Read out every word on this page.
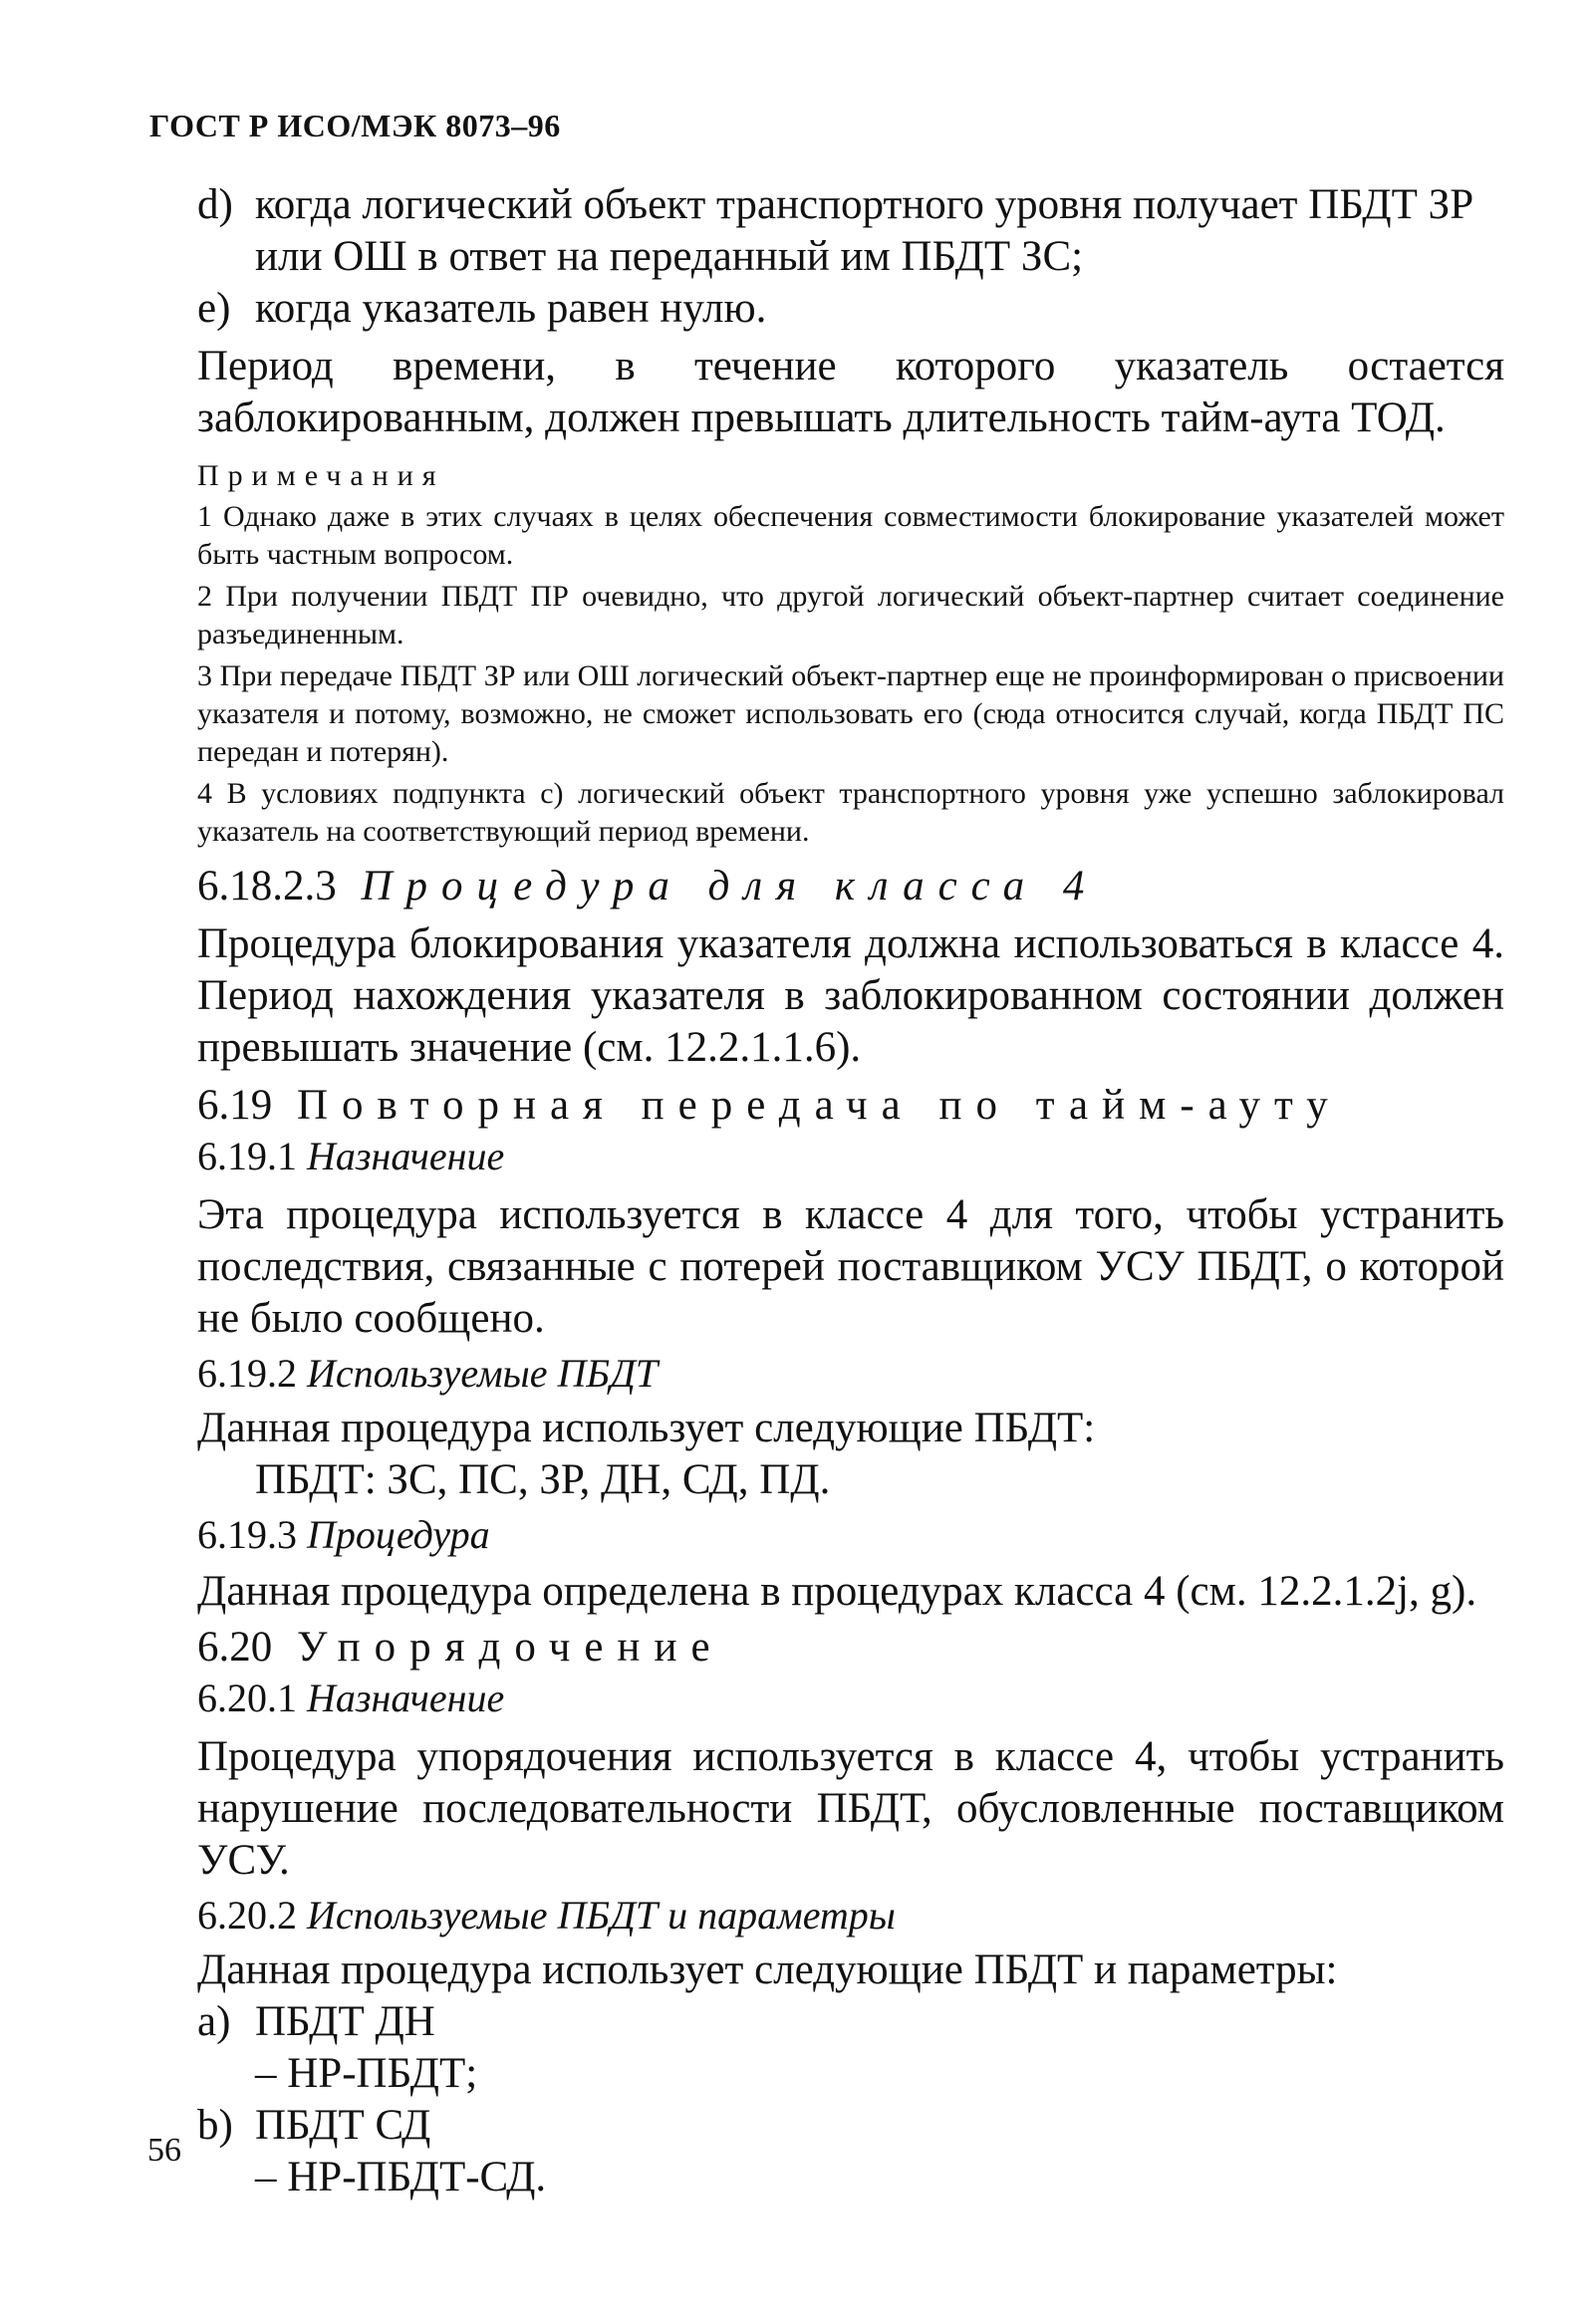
ГОСТ Р ИСО/МЭК 8073–96
d) когда логический объект транспортного уровня получает ПБДТ ЗР или ОШ в ответ на переданный им ПБДТ ЗС;
e) когда указатель равен нулю.

Период времени, в течение которого указатель остается заблокированным, должен превышать длительность тайм-аута ТОД.

Примечания

1 Однако даже в этих случаях в целях обеспечения совместимости блокирование указателей может быть частным вопросом.

2 При получении ПБДТ ПР очевидно, что другой логический объект-партнер считает соединение разъединенным.

3 При передаче ПБДТ ЗР или ОШ логический объект-партнер еще не проинформирован о присвоении указателя и потому, возможно, не сможет использовать его (сюда относится случай, когда ПБДТ ПС передан и потерян).

4 В условиях подпункта с) логический объект транспортного уровня уже успешно заблокировал указатель на соответствующий период времени.

6.18.2.3 Процедура для класса 4

Процедура блокирования указателя должна использоваться в классе 4. Период нахождения указателя в заблокированном состоянии должен превышать значение (см. 12.2.1.1.6).

6.19 Повторная передача по тайм-ауту
6.19.1 Назначение

Эта процедура используется в классе 4 для того, чтобы устранить последствия, связанные с потерей поставщиком УСУ ПБДТ, о которой не было сообщено.

6.19.2 Используемые ПБДТ

Данная процедура использует следующие ПБДТ:

ПБДТ: ЗС, ПС, ЗР, ДН, СД, ПД.

6.19.3 Процедура

Данная процедура определена в процедурах класса 4 (см. 12.2.1.2j, g).

6.20 Упорядочение
6.20.1 Назначение

Процедура упорядочения используется в классе 4, чтобы устранить нарушение последовательности ПБДТ, обусловленные поставщиком УСУ.

6.20.2 Используемые ПБДТ и параметры

Данная процедура использует следующие ПБДТ и параметры:

a) ПБДТ ДН
– НР-ПБДТ;
b) ПБДТ СД
– НР-ПБДТ-СД.
56
